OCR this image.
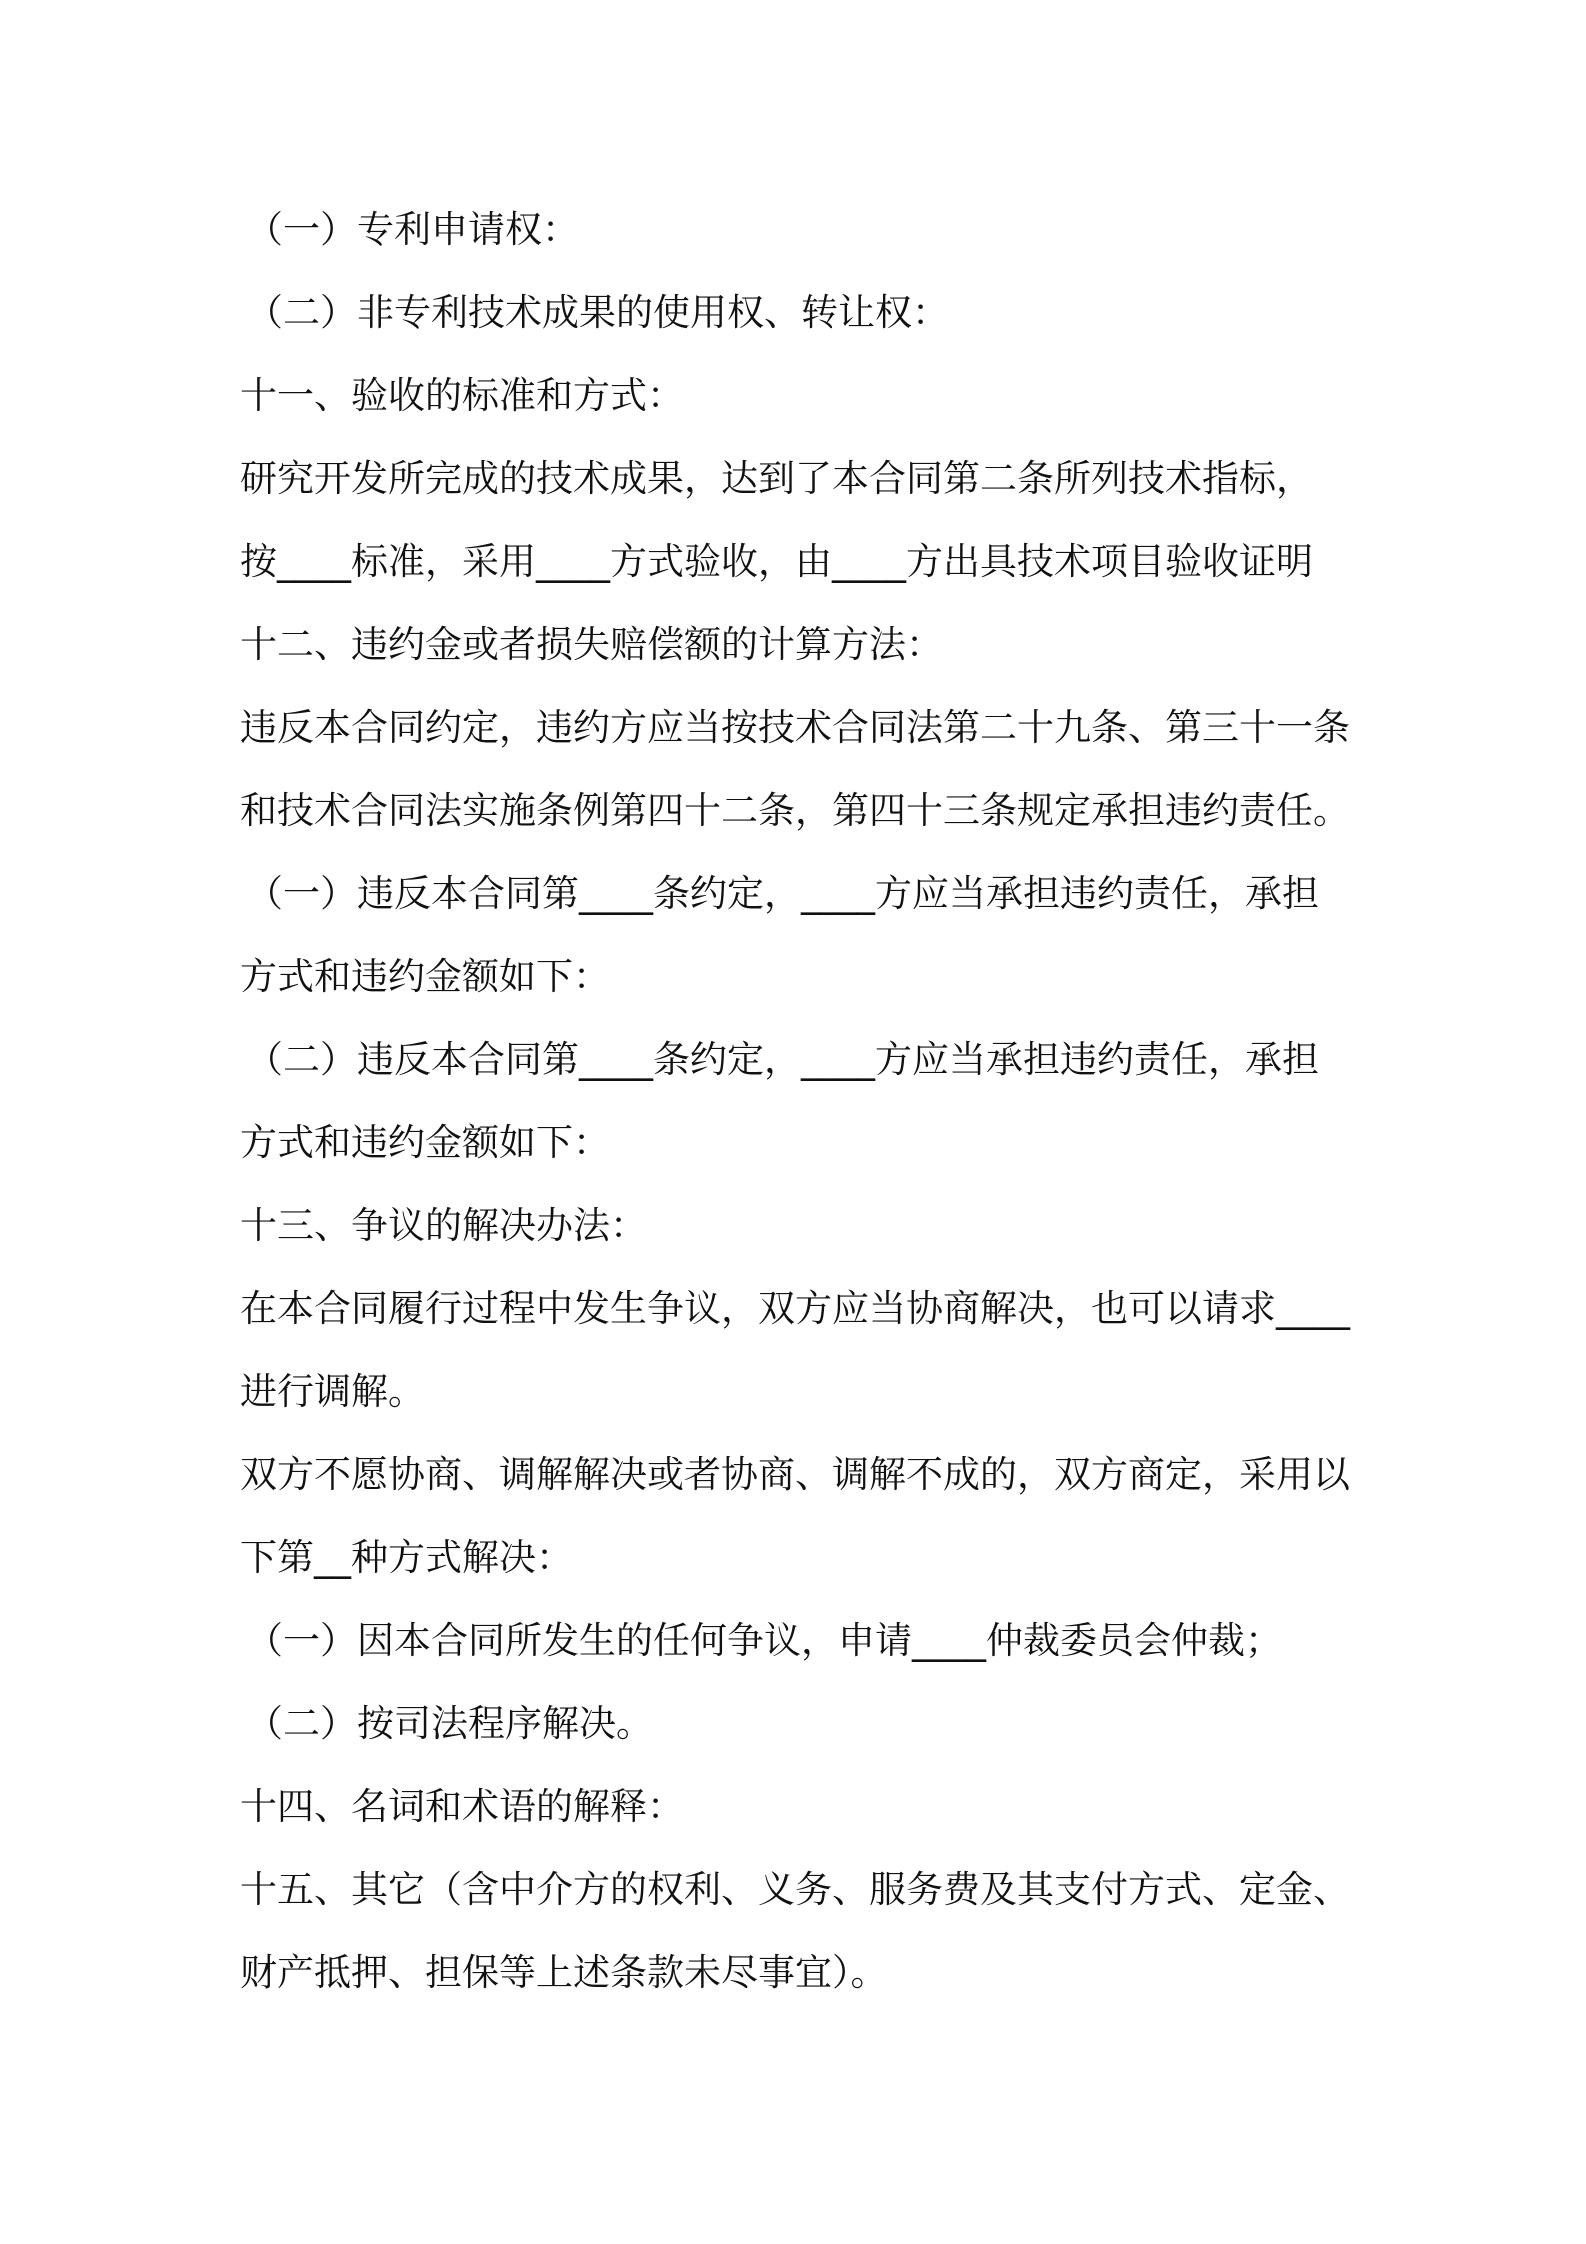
（一）专利申请权：
（二）非专利技术成果的使用权、转让权：
十一、验收的标准和方式：
研究开发所完成的技术成果，达到了本合同第二条所列技术指标，
按____标准，采用____方式验收，由____方出具技术项目验收证明
十二、违约金或者损失赔偿额的计算方法：
违反本合同约定，违约方应当按技术合同法第二十九条、第三十一条
和技术合同法实施条例第四十二条，第四十三条规定承担违约责任。
（一）违反本合同第____条约定，____方应当承担违约责任，承担
方式和违约金额如下：
（二）违反本合同第____条约定，____方应当承担违约责任，承担
方式和违约金额如下：
十三、争议的解决办法：
在本合同履行过程中发生争议，双方应当协商解决，也可以请求____
进行调解。
双方不愿协商、调解解决或者协商、调解不成的，双方商定，采用以
下第__种方式解决：
（一）因本合同所发生的任何争议，申请____仲裁委员会仲裁；
（二）按司法程序解决。
十四、名词和术语的解释：
十五、其它（含中介方的权利、义务、服务费及其支付方式、定金、
财产抵押、担保等上述条款未尽事宜）。
